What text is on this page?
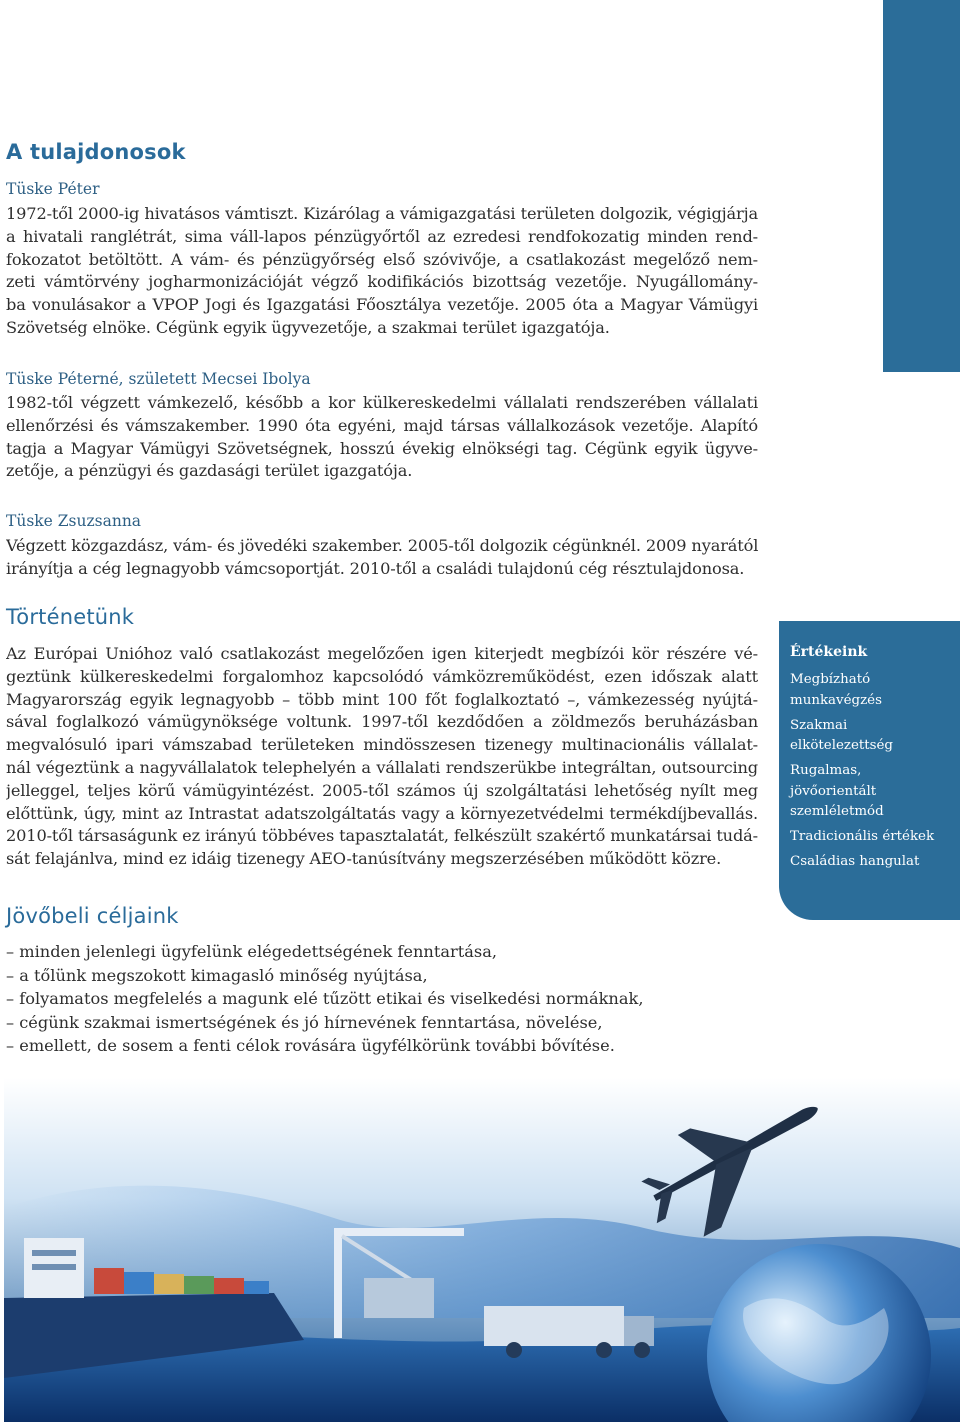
A tulajdonosok
Tüske Péter

1972-től 2000-ig hivatásos vámtiszt. Kizárólag a vámigazgatási területen dolgozik, végigjárja
a hivatali ranglétrát, sima váll-lapos pénzügyőrtől az ezredesi rendfokozatig minden rend-
fokozatot betöltött. A vám- és pénzügyőrség első szóvivője, a csatlakozást megelőző nem-
zeti vámtörvény jogharmonizációját végző kodifikációs bizottság vezetője. Nyugállomány-
ba vonulásakor a VPOP Jogi és Igazgatási Főosztálya vezetője. 2005 óta a Magyar Vámügyi
Szövetség elnöke. Cégünk egyik ügyvezetője, a szakmai terület igazgatója.

Tüske Péterné, született Mecsei Ibolya

1982-től végzett vámkezelő, később a kor külkereskedelmi vállalati rendszerében vállalati
ellenőrzési és vámszakember. 1990 óta egyéni, majd társas vállalkozások vezetője. Alapító
tagja a Magyar Vámügyi Szövetségnek, hosszú évekig elnökségi tag. Cégünk egyik ügyve-
zetője, a pénzügyi és gazdasági terület igazgatója.

Tüske Zsuzsanna

Végzett közgazdász, vám- és jövedéki szakember. 2005-től dolgozik cégünknél. 2009 nyarától
irányítja a cég legnagyobb vámcsoportját. 2010-től a családi tulajdonú cég résztulajdonosa.

Történetünk

Az Európai Unióhoz való csatlakozást megelőzően igen kiterjedt megbízói kör részére vé-
geztünk külkereskedelmi forgalomhoz kapcsolódó vámközreműködést, ezen időszak alatt
Magyarország egyik legnagyobb – több mint 100 főt foglalkoztató –, vámkezesség nyújtá-
sával foglalkozó vámügynöksége voltunk. 1997-től kezdődően a zöldmezős beruházásban
megvalósuló ipari vámszabad területeken mindösszesen tizenegy multinacionális vállalat-
nál végeztünk a nagyvállalatok telephelyén a vállalati rendszerükbe integráltan, outsourcing
jelleggel, teljes körű vámügyintézést. 2005-től számos új szolgáltatási lehetőség nyílt meg
előttünk, úgy, mint az Intrastat adatszolgáltatás vagy a környezetvédelmi termékdíjbevallás.
2010-től társaságunk ez irányú többéves tapasztalatát, felkészült szakértő munkatársai tudá-
sát felajánlva, mind ez idáig tizenegy AEO-tanúsítvány megszerzésében működött közre.

Jövőbeli céljaink
– minden jelenlegi ügyfelünk elégedettségének fenntartása,
– a tőlünk megszokott kimagasló minőség nyújtása,
– folyamatos megfelelés a magunk elé tűzött etikai és viselkedési normáknak,
– cégünk szakmai ismertségének és jó hírnevének fenntartása, növelése,
– emellett, de sosem a fenti célok rovására ügyfélkörünk további bővítése.
Értékeink
Megbízható
munkavégzés
Szakmai
elkötelezettség
Rugalmas,
jövőorientált
szemléletmód
Tradicionális értékek
Családias hangulat
